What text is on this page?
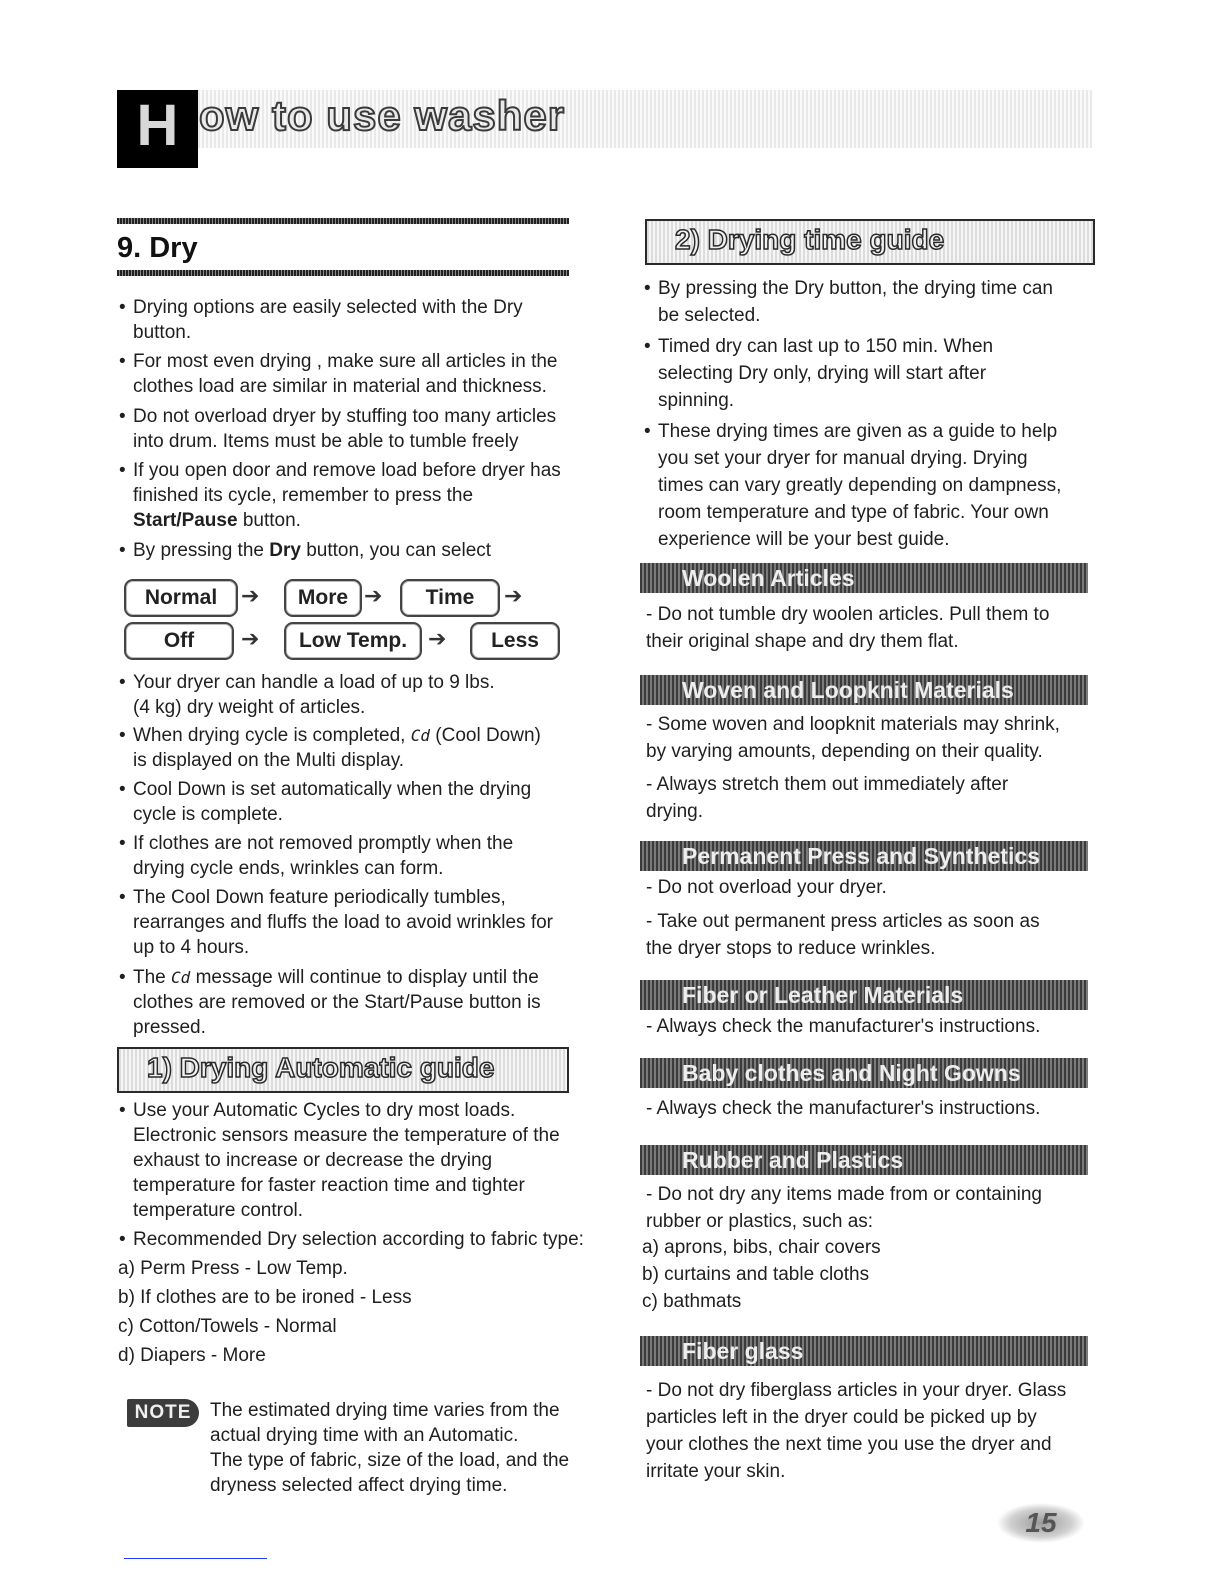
H ow to use washer
9. Dry
• Drying options are easily selected with the Dry
button.
• For most even drying , make sure all articles in the
clothes load are similar in material and thickness.
• Do not overload dryer by stuffing too many articles
into drum. Items must be able to tumble freely
• If you open door and remove load before dryer has
finished its cycle, remember to press the
Start/Pause button.
• By pressing the Dry button, you can select
Normal	➔	More ➔	Time	➔
Off	➔	Low Temp. ➔	Less
• Your dryer can handle a load of up to 9 lbs.
(4 kg) dry weight of articles.
• When drying cycle is completed, Cd (Cool Down)
is displayed on the Multi display.
• Cool Down is set automatically when the drying
cycle is complete.
• If clothes are not removed promptly when the
drying cycle ends, wrinkles can form.
• The Cool Down feature periodically tumbles,
rearranges and fluffs the load to avoid wrinkles for
up to 4 hours.
• The Cd message will continue to display until the
clothes are removed or the Start/Pause button is
pressed.
1) Drying Automatic guide
• Use your Automatic Cycles to dry most loads.
Electronic sensors measure the temperature of the
exhaust to increase or decrease the drying
temperature for faster reaction time and tighter
temperature control.
• Recommended Dry selection according to fabric type:
a) Perm Press - Low Temp.
b) If clothes are to be ironed - Less
c) Cotton/Towels - Normal
d) Diapers - More
NOTE The estimated drying time varies from the
actual drying time with an Automatic.
The type of fabric, size of the load, and the
dryness selected affect drying time.
2) Drying time guide
• By pressing the Dry button, the drying time can
be selected.
• Timed dry can last up to 150 min. When
selecting Dry only, drying will start after
spinning.
• These drying times are given as a guide to help
you set your dryer for manual drying. Drying
times can vary greatly depending on dampness,
room temperature and type of fabric. Your own
experience will be your best guide.
Woolen Articles
- Do not tumble dry woolen articles. Pull them to
their original shape and dry them flat.
Woven and Loopknit Materials
- Some woven and loopknit materials may shrink,
by varying amounts, depending on their quality.
- Always stretch them out immediately after
drying.
Permanent Press and Synthetics
- Do not overload your dryer.
- Take out permanent press articles as soon as
the dryer stops to reduce wrinkles.
Fiber or Leather Materials
- Always check the manufacturer's instructions.
Baby clothes and Night Gowns
- Always check the manufacturer's instructions.
Rubber and Plastics
- Do not dry any items made from or containing
rubber or plastics, such as:
a) aprons, bibs, chair covers
b) curtains and table cloths
c) bathmats
Fiber glass
- Do not dry fiberglass articles in your dryer. Glass
particles left in the dryer could be picked up by
your clothes the next time you use the dryer and
irritate your skin.
15
